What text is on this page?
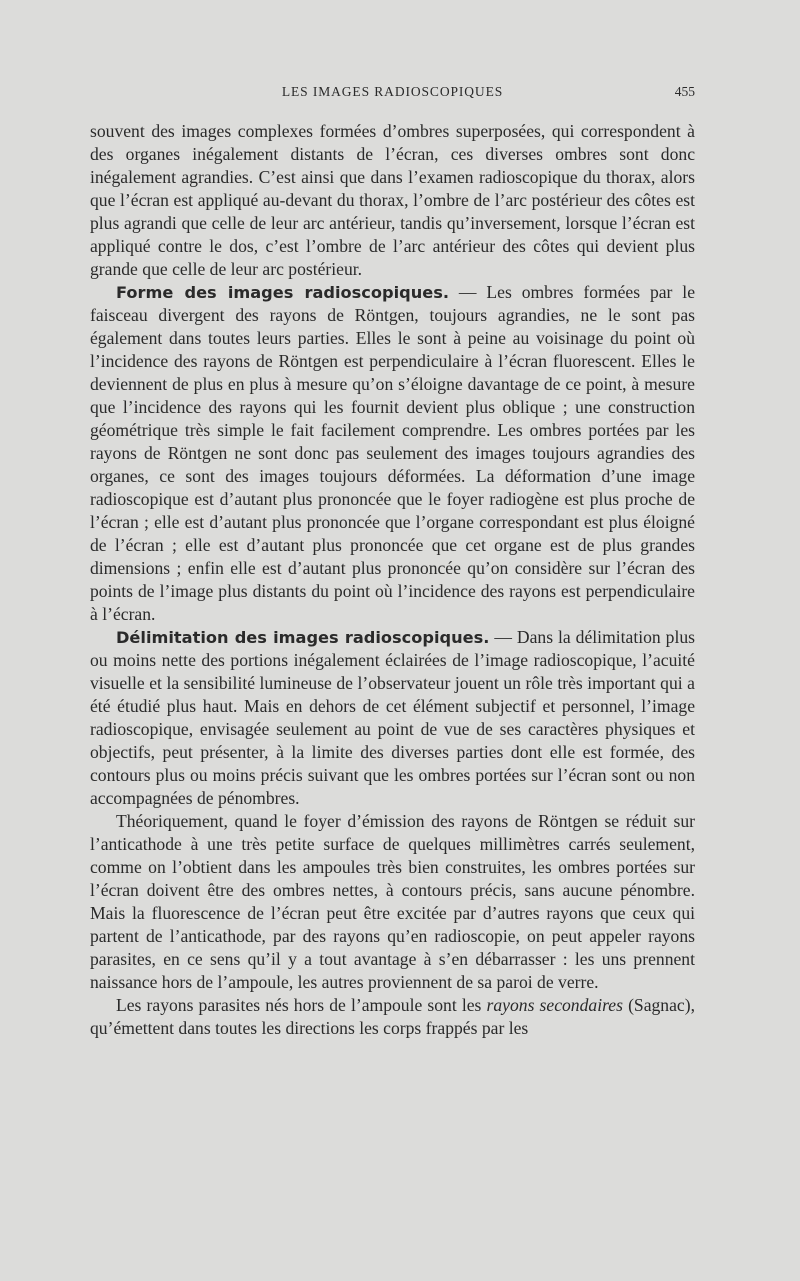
LES IMAGES RADIOSCOPIQUES	455

souvent des images complexes formées d’ombres superposées, qui correspondent à des organes inégalement distants de l’écran, ces diverses ombres sont donc inégalement agrandies. C’est ainsi que dans l’examen radioscopique du thorax, alors que l’écran est appliqué au-devant du thorax, l’ombre de l’arc postérieur des côtes est plus agrandi que celle de leur arc antérieur, tandis qu’inversement, lorsque l’écran est appliqué contre le dos, c’est l’ombre de l’arc antérieur des côtes qui devient plus grande que celle de leur arc postérieur.

Forme des images radioscopiques. — Les ombres formées par le faisceau divergent des rayons de Röntgen, toujours agrandies, ne le sont pas également dans toutes leurs parties. Elles le sont à peine au voisinage du point où l’incidence des rayons de Röntgen est perpendiculaire à l’écran fluorescent. Elles le deviennent de plus en plus à mesure qu’on s’éloigne davantage de ce point, à mesure que l’incidence des rayons qui les fournit devient plus oblique ; une construction géométrique très simple le fait facilement comprendre. Les ombres portées par les rayons de Röntgen ne sont donc pas seulement des images toujours agrandies des organes, ce sont des images toujours déformées. La déformation d’une image radioscopique est d’autant plus prononcée que le foyer radiogène est plus proche de l’écran ; elle est d’autant plus prononcée que l’organe correspondant est plus éloigné de l’écran ; elle est d’autant plus prononcée que cet organe est de plus grandes dimensions ; enfin elle est d’autant plus prononcée qu’on considère sur l’écran des points de l’image plus distants du point où l’incidence des rayons est perpendiculaire à l’écran.

Délimitation des images radioscopiques. — Dans la délimitation plus ou moins nette des portions inégalement éclairées de l’image radioscopique, l’acuité visuelle et la sensibilité lumineuse de l’observateur jouent un rôle très important qui a été étudié plus haut. Mais en dehors de cet élément subjectif et personnel, l’image radioscopique, envisagée seulement au point de vue de ses caractères physiques et objectifs, peut présenter, à la limite des diverses parties dont elle est formée, des contours plus ou moins précis suivant que les ombres portées sur l’écran sont ou non accompagnées de pénombres.

Théoriquement, quand le foyer d’émission des rayons de Röntgen se réduit sur l’anticathode à une très petite surface de quelques millimètres carrés seulement, comme on l’obtient dans les ampoules très bien construites, les ombres portées sur l’écran doivent être des ombres nettes, à contours précis, sans aucune pénombre. Mais la fluorescence de l’écran peut être excitée par d’autres rayons que ceux qui partent de l’anticathode, par des rayons qu’en radioscopie, on peut appeler rayons parasites, en ce sens qu’il y a tout avantage à s’en débarrasser : les uns prennent naissance hors de l’ampoule, les autres proviennent de sa paroi de verre.

Les rayons parasites nés hors de l’ampoule sont les rayons secondaires (Sagnac), qu’émettent dans toutes les directions les corps frappés par les
